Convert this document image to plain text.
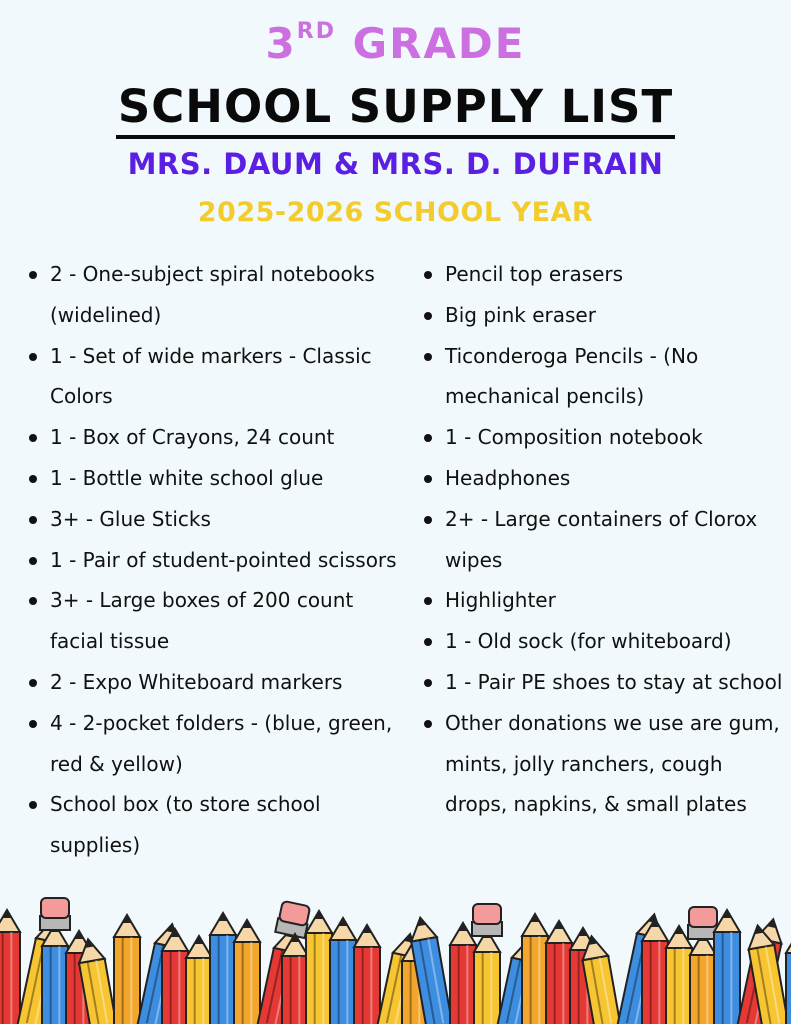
3RD GRADE
SCHOOL SUPPLY LIST
MRS. DAUM & MRS. D. DUFRAIN
2025-2026 SCHOOL YEAR
2 - One-subject spiral notebooks (widelined)
1 - Set of wide markers - Classic Colors
1 - Box of Crayons, 24 count
1 - Bottle white school glue
3+ - Glue Sticks
1 - Pair of student-pointed scissors
3+ - Large boxes of 200 count facial tissue
2 - Expo Whiteboard markers
4 - 2-pocket folders - (blue, green, red & yellow)
School box (to store school supplies)
Pencil top erasers
Big pink eraser
Ticonderoga Pencils - (No mechanical pencils)
1 - Composition notebook
Headphones
2+ - Large containers of Clorox wipes
Highlighter
1 - Old sock (for whiteboard)
1 - Pair PE shoes to stay at school
Other donations we use are gum, mints, jolly ranchers, cough drops, napkins, & small plates
